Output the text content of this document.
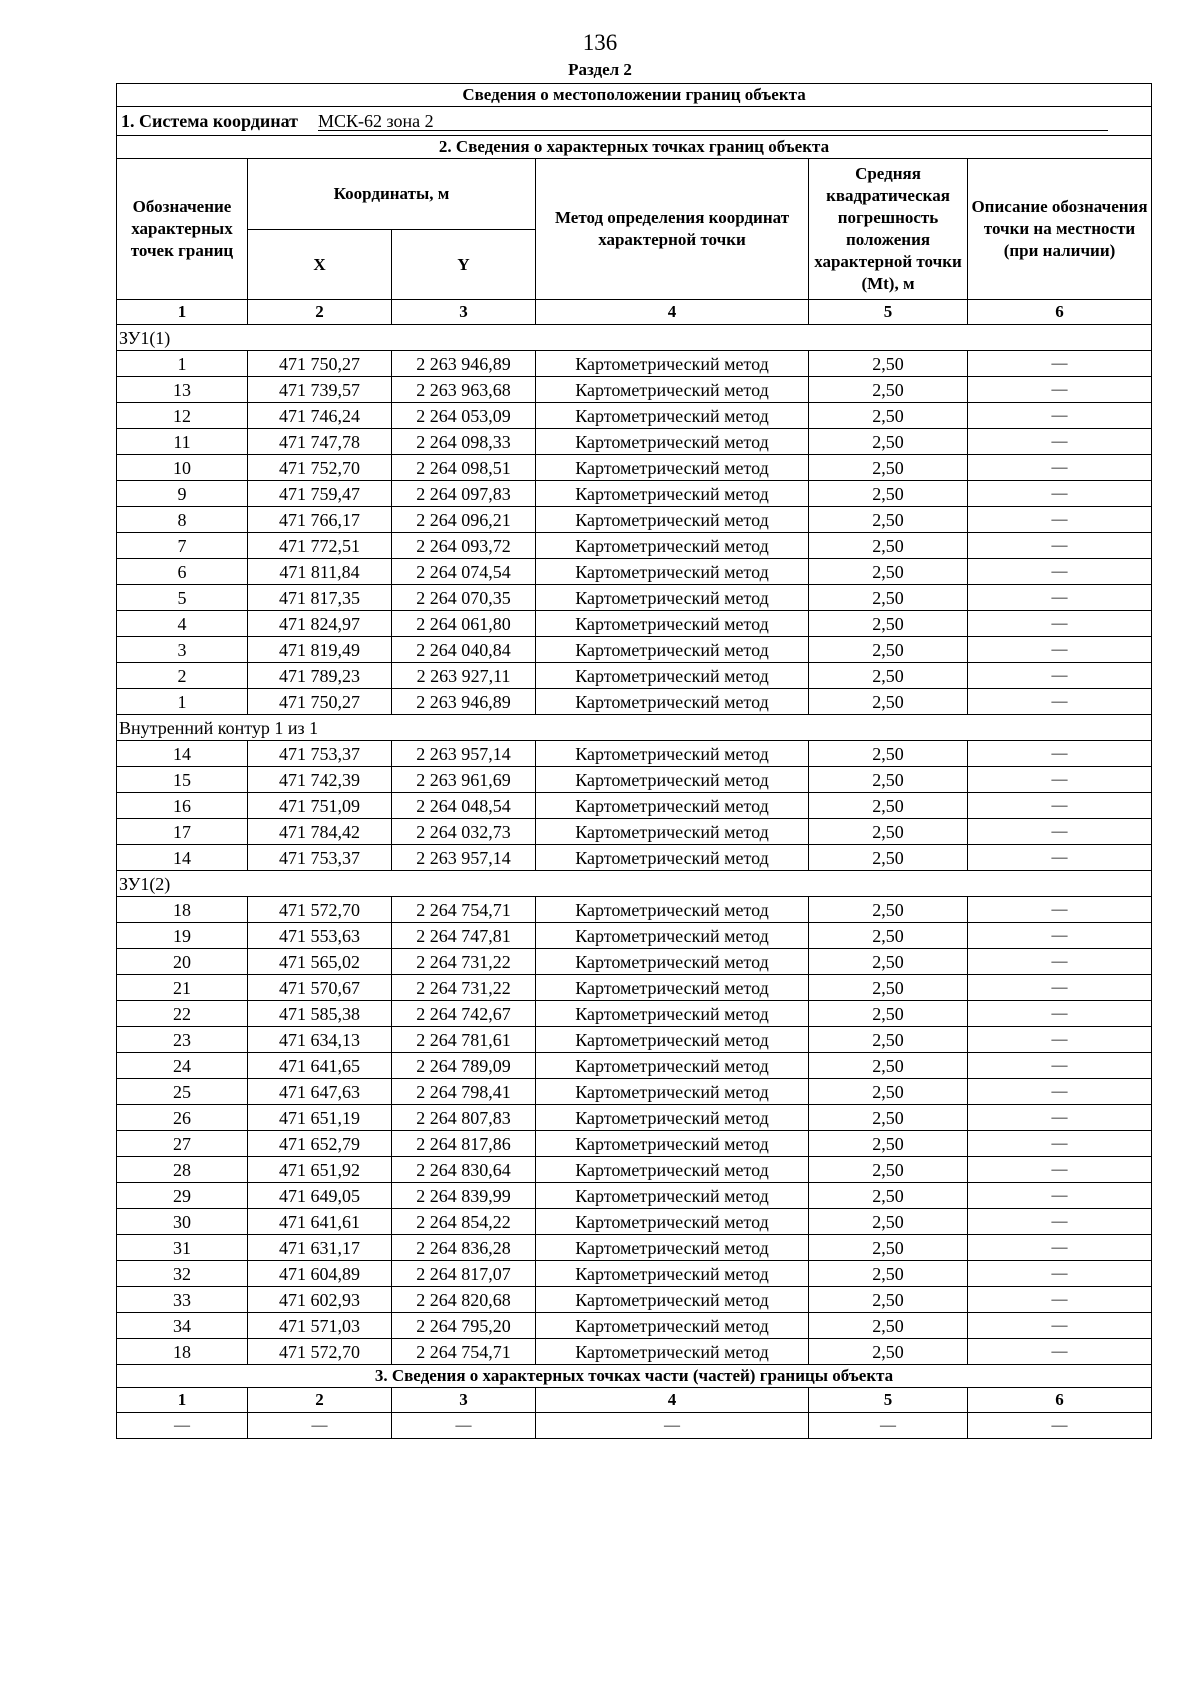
136
Раздел 2
Сведения о местоположении границ объекта					
1. Система координат МСК-62 зона 2					
2. Сведения о характерных точках границ объекта					
Обозначение характерных точек границ	Координаты, м		Метод определения координат характерной точки	Средняя квадратическая погрешность положения характерной точки (Mt), м	Описание обозначения точки на местности (при наличии)
	X	Y			
1	2	3	4	5	6
ЗУ1(1)					
1	471 750,27	2 263 946,89	Картометрический метод	2,50	—
13	471 739,57	2 263 963,68	Картометрический метод	2,50	—
12	471 746,24	2 264 053,09	Картометрический метод	2,50	—
11	471 747,78	2 264 098,33	Картометрический метод	2,50	—
10	471 752,70	2 264 098,51	Картометрический метод	2,50	—
9	471 759,47	2 264 097,83	Картометрический метод	2,50	—
8	471 766,17	2 264 096,21	Картометрический метод	2,50	—
7	471 772,51	2 264 093,72	Картометрический метод	2,50	—
6	471 811,84	2 264 074,54	Картометрический метод	2,50	—
5	471 817,35	2 264 070,35	Картометрический метод	2,50	—
4	471 824,97	2 264 061,80	Картометрический метод	2,50	—
3	471 819,49	2 264 040,84	Картометрический метод	2,50	—
2	471 789,23	2 263 927,11	Картометрический метод	2,50	—
1	471 750,27	2 263 946,89	Картометрический метод	2,50	—
Внутренний контур 1 из 1					
14	471 753,37	2 263 957,14	Картометрический метод	2,50	—
15	471 742,39	2 263 961,69	Картометрический метод	2,50	—
16	471 751,09	2 264 048,54	Картометрический метод	2,50	—
17	471 784,42	2 264 032,73	Картометрический метод	2,50	—
14	471 753,37	2 263 957,14	Картометрический метод	2,50	—
ЗУ1(2)					
18	471 572,70	2 264 754,71	Картометрический метод	2,50	—
19	471 553,63	2 264 747,81	Картометрический метод	2,50	—
20	471 565,02	2 264 731,22	Картометрический метод	2,50	—
21	471 570,67	2 264 731,22	Картометрический метод	2,50	—
22	471 585,38	2 264 742,67	Картометрический метод	2,50	—
23	471 634,13	2 264 781,61	Картометрический метод	2,50	—
24	471 641,65	2 264 789,09	Картометрический метод	2,50	—
25	471 647,63	2 264 798,41	Картометрический метод	2,50	—
26	471 651,19	2 264 807,83	Картометрический метод	2,50	—
27	471 652,79	2 264 817,86	Картометрический метод	2,50	—
28	471 651,92	2 264 830,64	Картометрический метод	2,50	—
29	471 649,05	2 264 839,99	Картометрический метод	2,50	—
30	471 641,61	2 264 854,22	Картометрический метод	2,50	—
31	471 631,17	2 264 836,28	Картометрический метод	2,50	—
32	471 604,89	2 264 817,07	Картометрический метод	2,50	—
33	471 602,93	2 264 820,68	Картометрический метод	2,50	—
34	471 571,03	2 264 795,20	Картометрический метод	2,50	—
18	471 572,70	2 264 754,71	Картометрический метод	2,50	—
3. Сведения о характерных точках части (частей) границы объекта					
1	2	3	4	5	6
—	—	—	—	—	—
